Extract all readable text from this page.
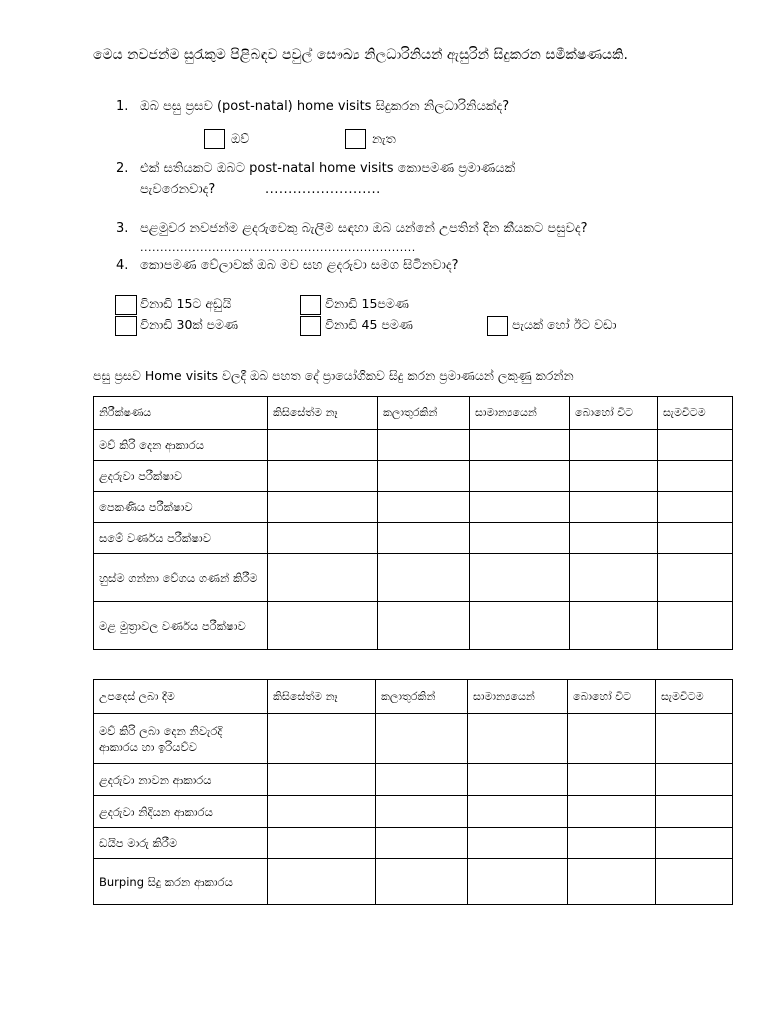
මෙය නවජන්ම සුරැකුම පිළිබඳව පවුල් සෞඛ්‍ය නිලධාරිනියන් ඇසුරින් සිදුකරන සමීක්ෂණයකි.
1. ඔබ පසු ප්‍රසව (post-natal) home visits සිදුකරන නිලධාරිනියක්ද?
ඔව්	නැත
2. එක් සතියකට ඔබට post-natal home visits කොපමණ ප්‍රමාණයක්
පැවරෙනවාද?	.........................
3. පළමුවර නවජන්ම ළදරුවෙකු බැලීම සඳහා ඔබ යන්නේ උපතින් දින කීයකට පසුවද?
.....................................................................
4. කොපමණ වේලාවක් ඔබ මව සහ ළදරුවා සමග සිටිනවාද?
විනාඩි 15ට අඩුයි	විනාඩි 15පමණ
විනාඩි 30ක් පමණ	විනාඩි 45 පමණ	පැයක් හෝ ඊට වඩා
පසු ප්‍රසව Home visits වලදී ඔබ පහත දේ ප්‍රායෝගිකව සිදු කරන ප්‍රමාණයන් ලකුණු කරන්න
නිරීක්ෂණය	කිසිසේත්ම නෑ	කලාතුරකින්	සාමාන්‍යයෙන්	බොහෝ විට	සැමවිටම
මව් කිරි දෙන ආකාරය					
ළදරුවා පරීක්ෂාව					
පෙකණිය පරීක්ෂාව					
සමේ වර්ණය පරීක්ෂාව					
හුස්ම ගන්නා වේගය ගණන් කිරීම					
මළ මුත්‍රාවල වර්ණය පරීක්ෂාව					
උපදෙස් ලබා දීම	කිසිසේත්ම නෑ	කලාතුරකින්	සාමාන්‍යයෙන්	බොහෝ විට	සැමවිටම
මව් කිරි ලබා දෙන නිවැරදි ආකාරය හා ඉරියව්ව					
ළදරුවා නාවන ආකාරය					
ළදරුවා නිදියන ආකාරය					
ඩයිප මාරු කිරීම					
Burping සිදු කරන ආකාරය					
